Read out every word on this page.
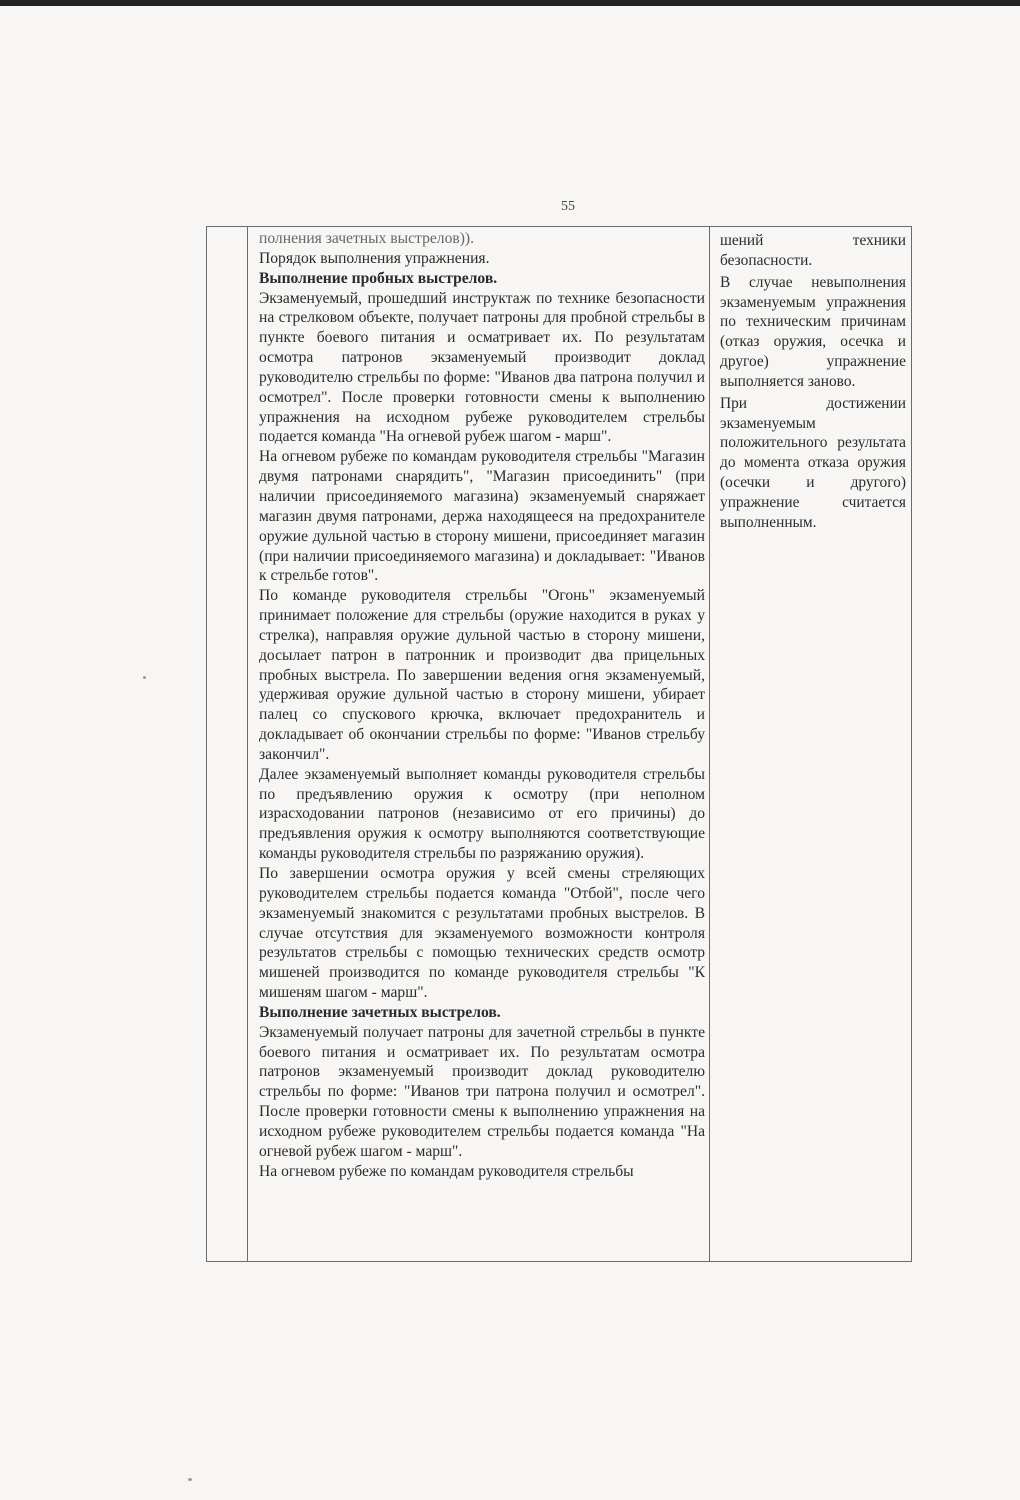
55

полнения зачетных выстрелов)).

Порядок выполнения упражнения.

Выполнение пробных выстрелов.

Экзаменуемый, прошедший инструктаж по технике безопасности на стрелковом объекте, получает патроны для пробной стрельбы в пункте боевого питания и осматривает их. По результатам осмотра патронов экзаменуемый производит доклад руководителю стрельбы по форме: "Иванов два патрона получил и осмотрел". После проверки готовности смены к выполнению упражнения на исходном рубеже руководителем стрельбы подается команда "На огневой рубеж шагом - марш".

На огневом рубеже по командам руководителя стрельбы "Магазин двумя патронами снарядить", "Магазин присоединить" (при наличии присоединяемого магазина) экзаменуемый снаряжает магазин двумя патронами, держа находящееся на предохранителе оружие дульной частью в сторону мишени, присоединяет магазин (при наличии присоединяемого магазина) и докладывает: "Иванов к стрельбе готов".

По команде руководителя стрельбы "Огонь" экзаменуемый принимает положение для стрельбы (оружие находится в руках у стрелка), направляя оружие дульной частью в сторону мишени, досылает патрон в патронник и производит два прицельных пробных выстрела. По завершении ведения огня экзаменуемый, удерживая оружие дульной частью в сторону мишени, убирает палец со спускового крючка, включает предохранитель и докладывает об окончании стрельбы по форме: "Иванов стрельбу закончил".

Далее экзаменуемый выполняет команды руководителя стрельбы по предъявлению оружия к осмотру (при неполном израсходовании патронов (независимо от его причины) до предъявления оружия к осмотру выполняются соответствующие команды руководителя стрельбы по разряжанию оружия).

По завершении осмотра оружия у всей смены стреляющих руководителем стрельбы подается команда "Отбой", после чего экзаменуемый знакомится с результатами пробных выстрелов. В случае отсутствия для экзаменуемого возможности контроля результатов стрельбы с помощью технических средств осмотр мишеней производится по команде руководителя стрельбы "К мишеням шагом - марш".

Выполнение зачетных выстрелов.

Экзаменуемый получает патроны для зачетной стрельбы в пункте боевого питания и осматривает их. По результатам осмотра патронов экзаменуемый производит доклад руководителю стрельбы по форме: "Иванов три патрона получил и осмотрел". После проверки готовности смены к выполнению упражнения на исходном рубеже руководителем стрельбы подается команда "На огневой рубеж шагом - марш".

На огневом рубеже по командам руководителя стрельбы

шений техники безопасности.

В случае невыполнения экзаменуемым упражнения по техническим причинам (отказ оружия, осечка и другое) упражнение выполняется заново.

При достижении экзаменуемым положительного результата до момента отказа оружия (осечки и другого) упражнение считается выполненным.
